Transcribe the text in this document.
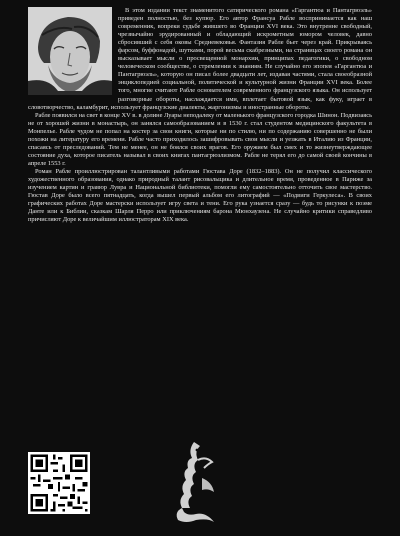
В этом издании текст знаменитого сатирического романа «Гаргантюа и Пантагрюэль» приведен полностью, без купюр. Его автор Франсуа Рабле воспринимается как наш современник, вопреки судьбе жившего во Франции XVI века. Это внутренне свободный, чрезвычайно эрудированный и обладающий искрометным юмором человек, давно сбросивший с себя оковы Средневековья. Фантазия Рабле бьет через край. Прикрываясь фарсом, буффонадой, шутками, порой весьма скабрезными, на страницах своего романа он высказывает мысли о просвещенной монархии, принципах педагогики, о свободном человеческом сообществе, о стремлении к знаниям. Не случайно его эпопея «Гаргантюа и Пантагрюэль», которую он писал более двадцати лет, издавая частями, стала своеобразной энциклопедией социальной, политической и культурной жизни Франции XVI века. Более того, многие считают Рабле основателем современного французского языка. Он использует разговорные обороты, наслаждается ими, вплетает бытовой язык, как фуку, играет в словотворчество, каламбурит, использует французские диалекты, жаргонизмы и иностранные обороты.

Рабле появился на свет в конце XV в. в долине Луары неподалеку от маленького французского городка Шинон. Подвизаясь не от хорошей жизни в монастырь, он занялся самообразованием и в 1530 г. стал студентом медицинского факультета в Монпелье. Рабле чудом не попал на костер за свои книги, которые ни по стилю, ни по содержанию совершенно не были похожи на литературу его времени. Рабле часто приходилось зашифровывать свои мысли и уезжать в Италию из Франции, спасаясь от преследований. Тем не менее, он не боялся своих врагов. Его оружием был смех и то жизнеутверждающее состояние духа, которое писатель называл в своих книгах пантагрюэлизмом. Рабле не терял его до самой своей кончины в апреле 1553 г.

Роман Рабле проиллюстрирован талантливыми работами Гюстава Доре (1832–1883). Он не получил классического художественного образования, однако природный талант рисовальщика и длительное время, проведенное в Париже за изучением картин и гравюр Лувра и Национальной библиотеки, помогли ему самостоятельно отточить свое мастерство. Гюстав Доре было всего пятнадцать, когда вышел первый альбом его литографий — «Подвиги Геркулеса». В своих графических работах Доре мастерски использует игру света и тени. Его рука узнается сразу — будь то рисунки к поэме Данте или к Библии, сказкам Шарля Перро или приключениям барона Мюнхаузена. Не случайно критики справедливо причисляют Доре к величайшим иллюстраторам XIX века.
